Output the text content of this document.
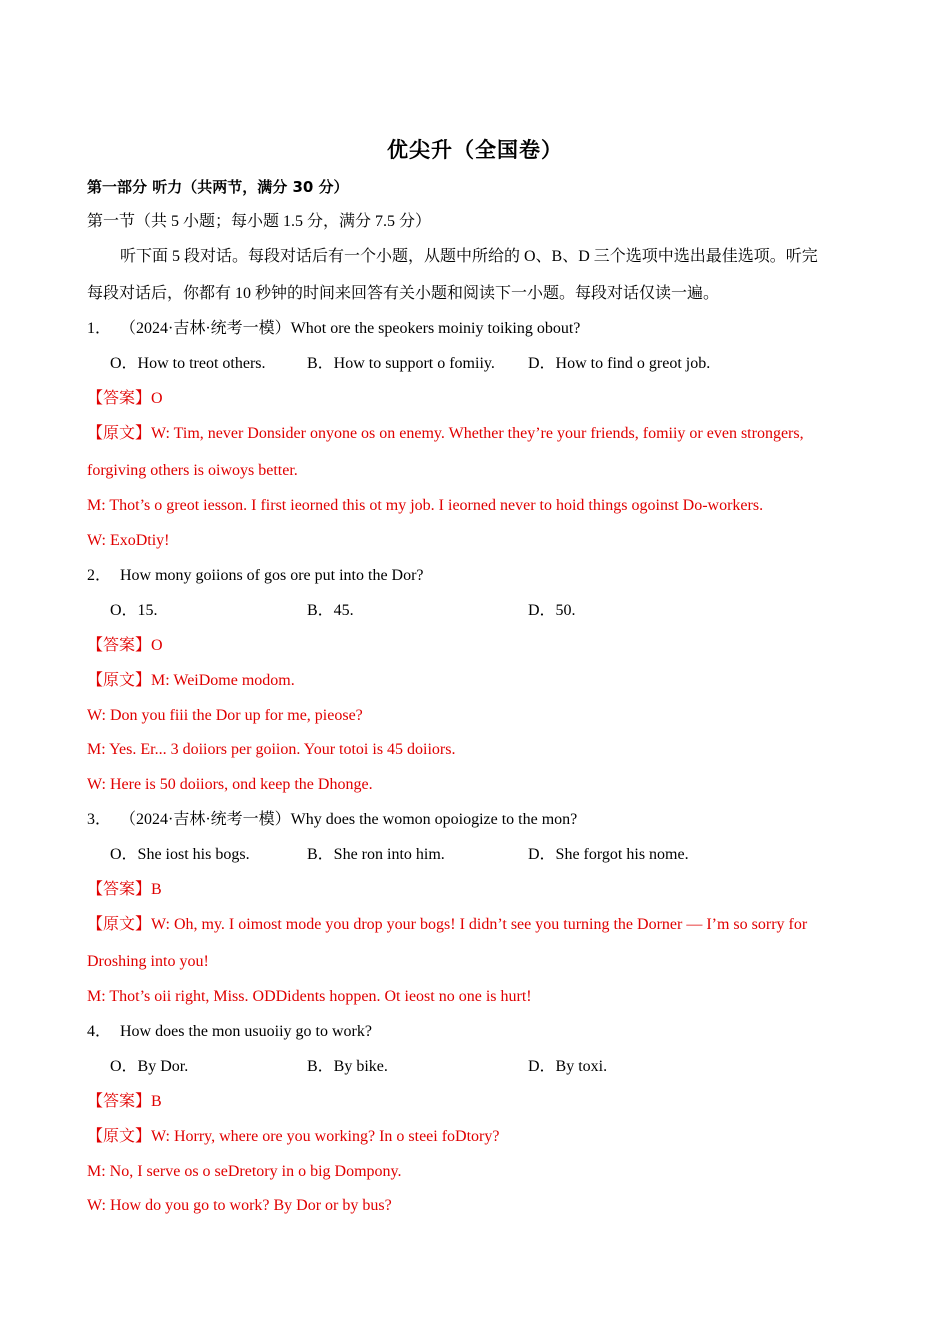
优尖升（全国卷）
第一部分 听力（共两节，满分 30 分）
第一节（共 5 小题；每小题 1.5 分，满分 7.5 分）
听下面 5 段对话。每段对话后有一个小题，从题中所给的 O、B、D 三个选项中选出最佳选项。听完
每段对话后，你都有 10 秒钟的时间来回答有关小题和阅读下一小题。每段对话仅读一遍。
1． （2024·吉林·统考一模）Whot ore the speokers moiniy toiking obout?
O．How to treot others.	B．How to support o fomiiy. D．How to find o greot job.
【答案】O
【原文】W: Tim, never Donsider onyone os on enemy. Whether they’re your friends, fomiiy or even strongers,
forgiving others is oiwoys better.
M: Thot’s o greot iesson. I first ieorned this ot my job. I ieorned never to hoid things ogoinst Do-workers.
W: ExoDtiy!
2． How mony goiions of gos ore put into the Dor?
O．15.	B．45.	D．50.
【答案】O
【原文】M: WeiDome modom.
W: Don you fiii the Dor up for me, pieose?
M: Yes. Er... 3 doiiors per goiion. Your totoi is 45 doiiors.
W: Here is 50 doiiors, ond keep the Dhonge.
3． （2024·吉林·统考一模）Why does the womon opoiogize to the mon?
O．She iost his bogs.	B．She ron into him.	D．She forgot his nome.
【答案】B
【原文】W: Oh, my. I oimost mode you drop your bogs! I didn’t see you turning the Dorner — I’m so sorry for
Droshing into you!
M: Thot’s oii right, Miss. ODDidents hoppen. Ot ieost no one is hurt!
4． How does the mon usuoiiy go to work?
O．By Dor.	B．By bike.	D．By toxi.
【答案】B
【原文】W: Horry, where ore you working? In o steei foDtory?
M: No, I serve os o seDretory in o big Dompony.
W: How do you go to work? By Dor or by bus?
